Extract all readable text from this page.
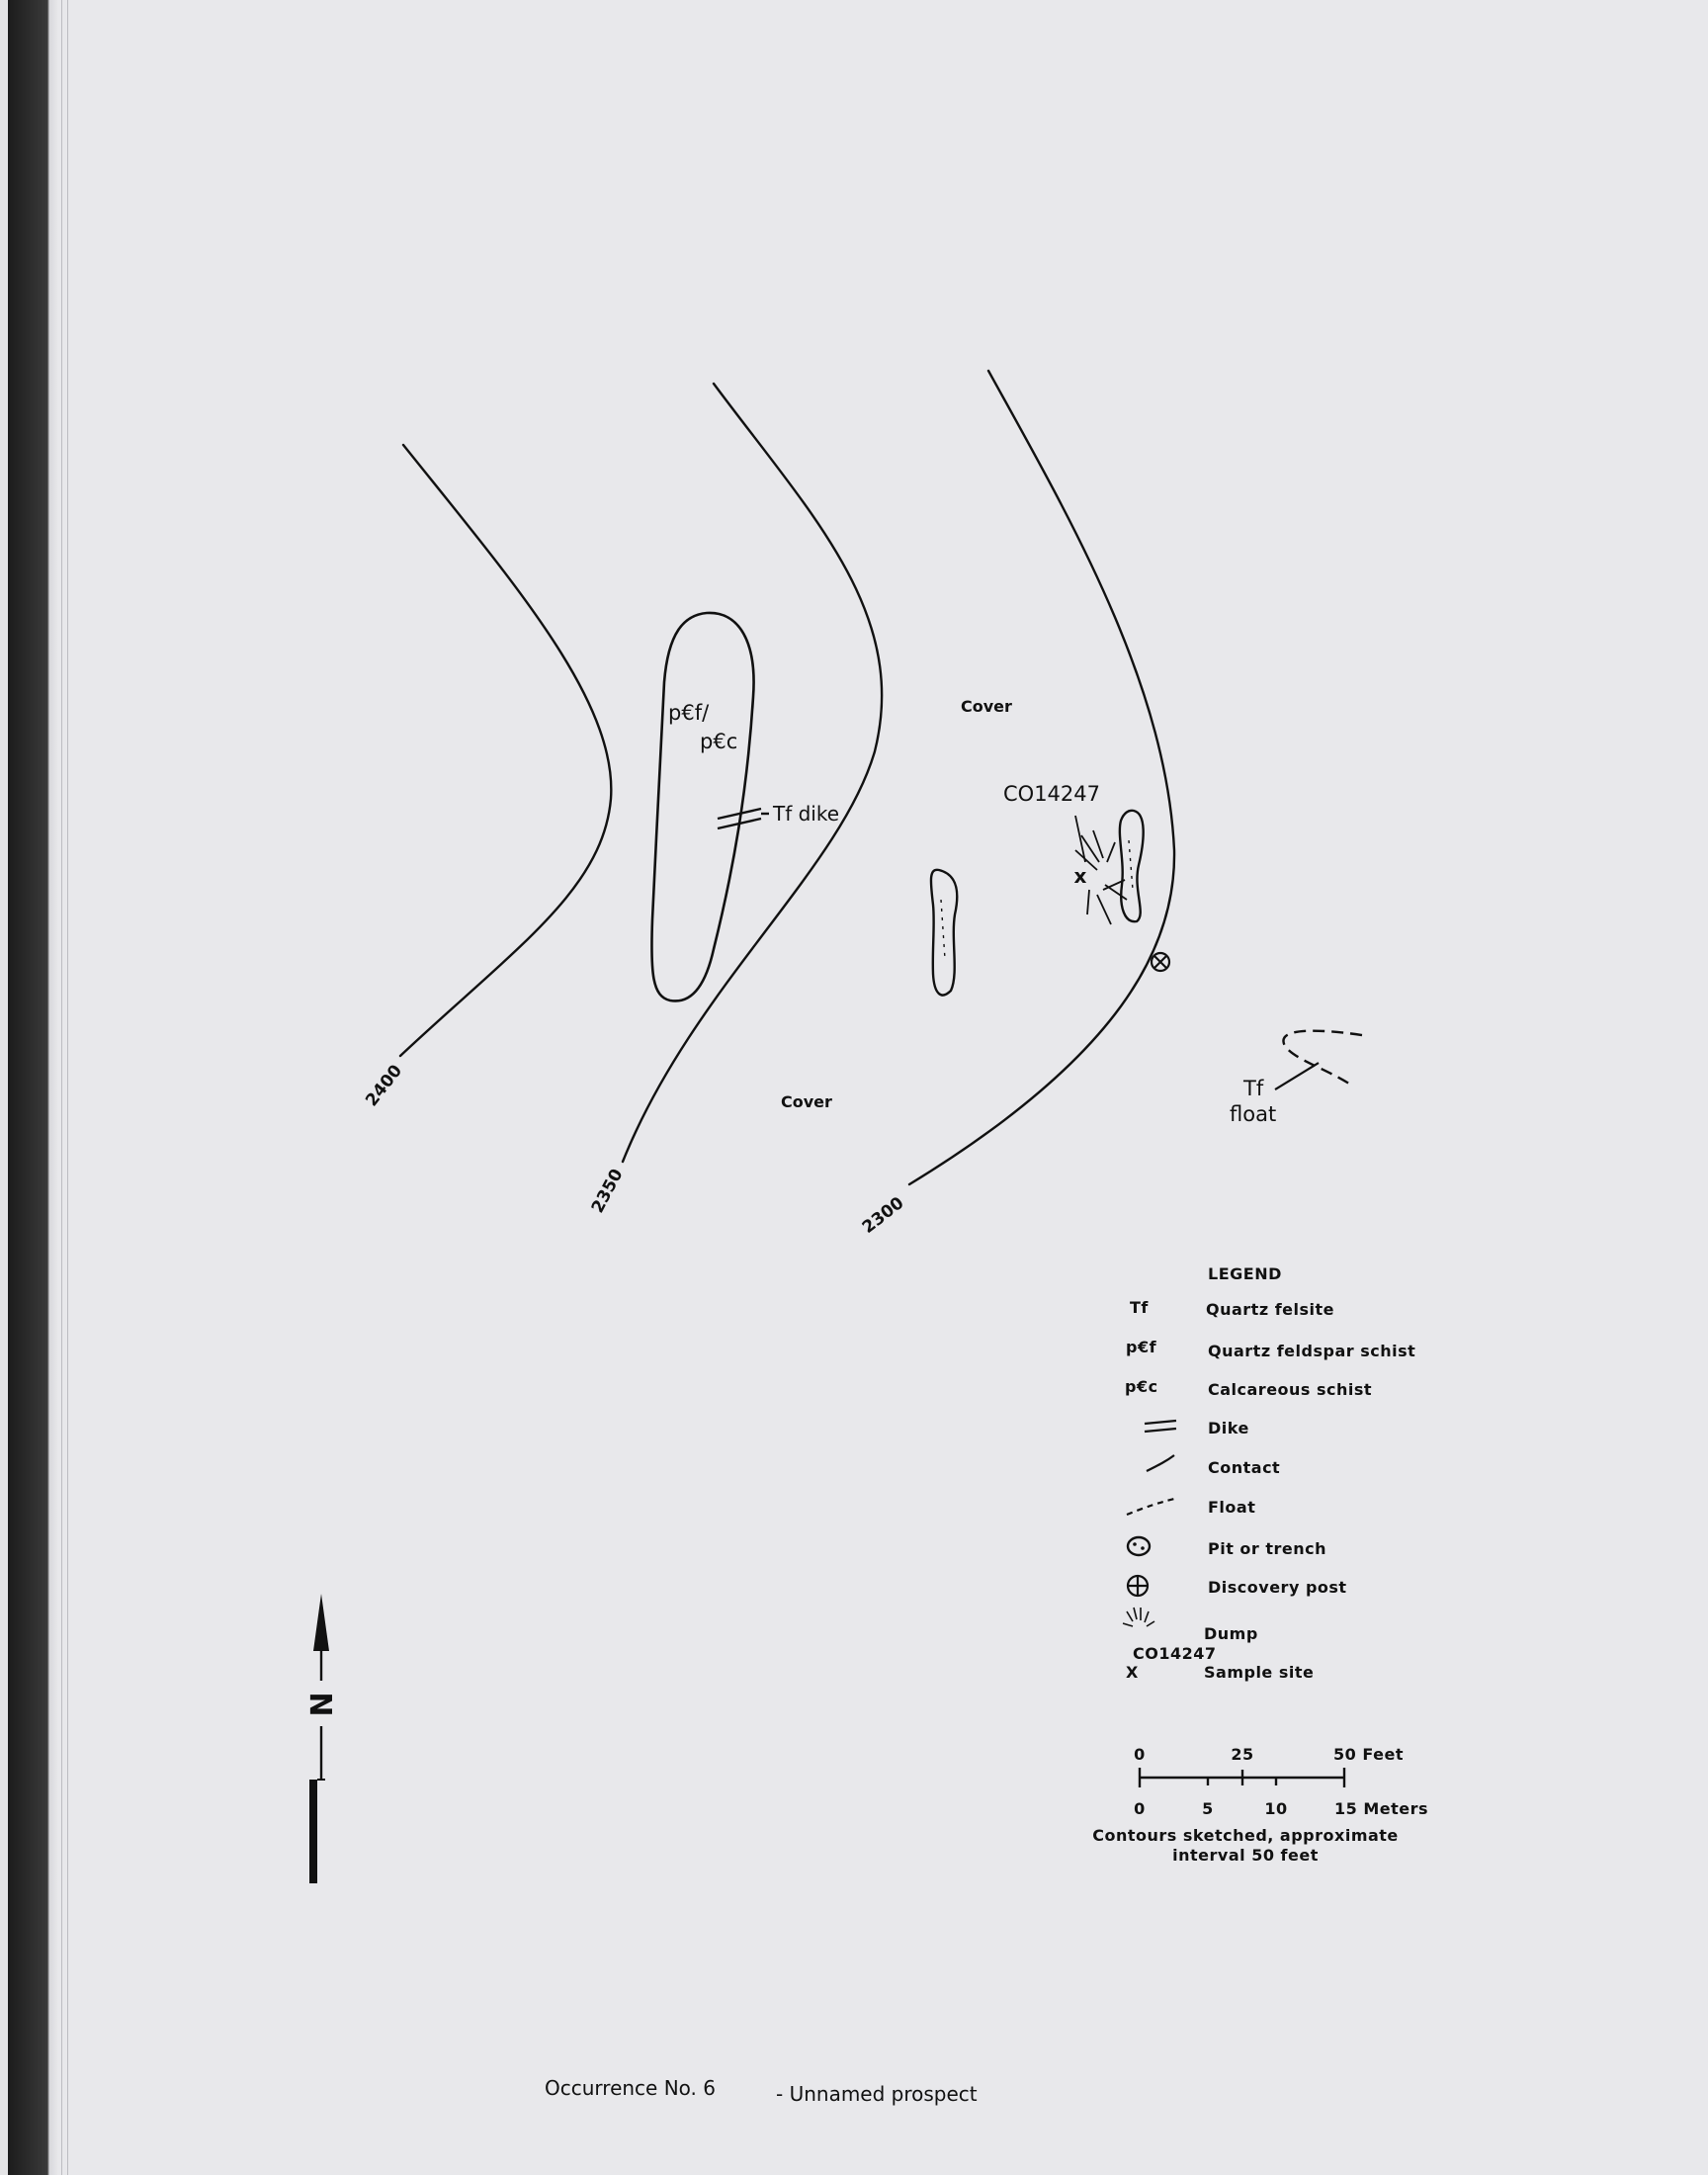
2400
2350	2300
x
CO14247
Tf
float
p€f/
p€c
Tf dike
Cover
Cover
LEGEND
Tf	Quartz felsite
p€f	Quartz feldspar schist
p€c	Calcareous schist
Dike
Contact
Float
Pit or trench
Discovery post
Dump
CO14247
X	Sample site
0	25	50 Feet
0	5	10	15 Meters
Contours sketched, approximate
interval 50 feet
N
Occurrence No. 6	- Unnamed prospect
